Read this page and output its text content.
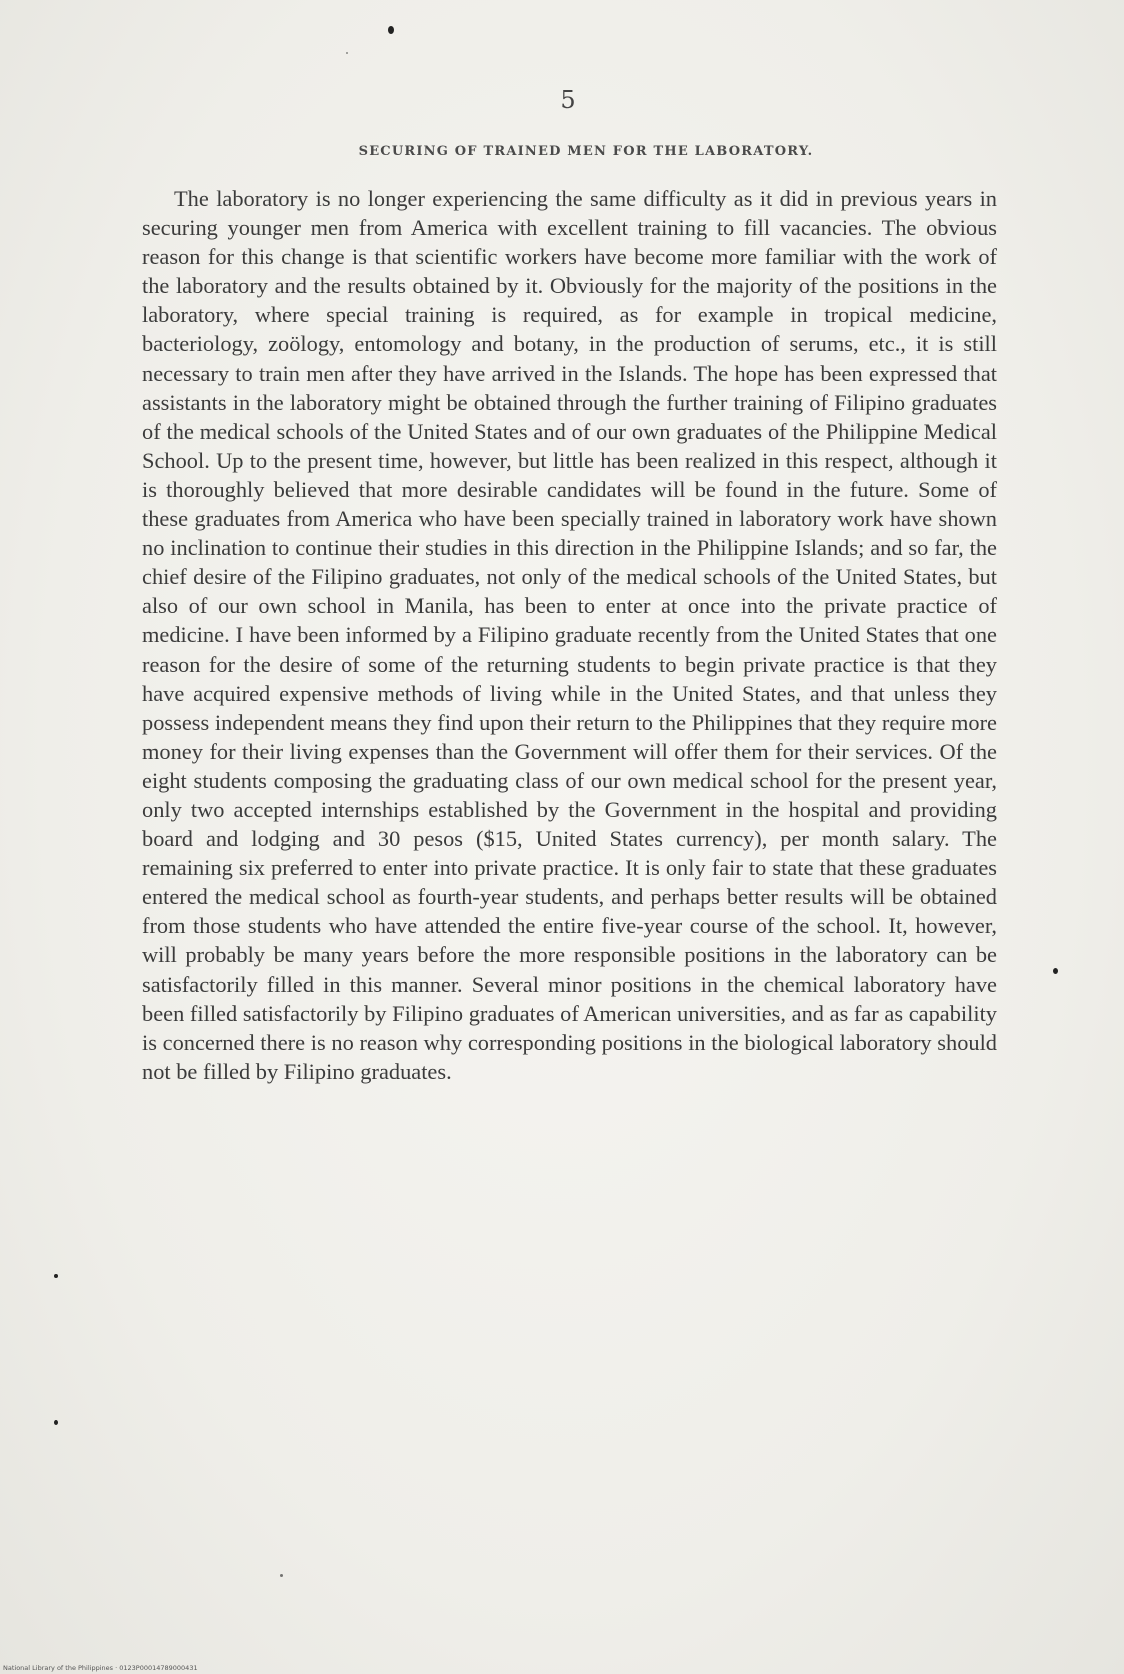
5
SECURING OF TRAINED MEN FOR THE LABORATORY.

The laboratory is no longer experiencing the same difficulty as it did in previous years in securing younger men from America with excellent training to fill vacancies. The obvious reason for this change is that scientific workers have become more familiar with the work of the laboratory and the results obtained by it. Obviously for the majority of the positions in the laboratory, where special training is required, as for example in tropical medicine, bacteriology, zoölogy, entomology and botany, in the production of serums, etc., it is still necessary to train men after they have arrived in the Islands. The hope has been expressed that assistants in the laboratory might be obtained through the further training of Filipino graduates of the medical schools of the United States and of our own graduates of the Philippine Medical School. Up to the present time, however, but little has been realized in this respect, although it is thoroughly believed that more desirable candidates will be found in the future. Some of these graduates from America who have been specially trained in laboratory work have shown no inclination to continue their studies in this direction in the Philippine Islands; and so far, the chief desire of the Filipino graduates, not only of the medical schools of the United States, but also of our own school in Manila, has been to enter at once into the private practice of medicine. I have been informed by a Filipino graduate recently from the United States that one reason for the desire of some of the returning students to begin private practice is that they have acquired expensive methods of living while in the United States, and that unless they possess independent means they find upon their return to the Philippines that they require more money for their living expenses than the Government will offer them for their services. Of the eight students composing the graduating class of our own medical school for the present year, only two accepted internships established by the Government in the hospital and providing board and lodging and 30 pesos ($15, United States currency), per month salary. The remaining six preferred to enter into private practice. It is only fair to state that these graduates entered the medical school as fourth-year students, and perhaps better results will be obtained from those students who have attended the entire five-year course of the school. It, however, will probably be many years before the more responsible positions in the laboratory can be satisfactorily filled in this manner. Several minor positions in the chemical laboratory have been filled satisfactorily by Filipino graduates of American universities, and as far as capability is concerned there is no reason why corresponding positions in the biological laboratory should not be filled by Filipino graduates.

National Library of the Philippines · 0123P00014789000431
